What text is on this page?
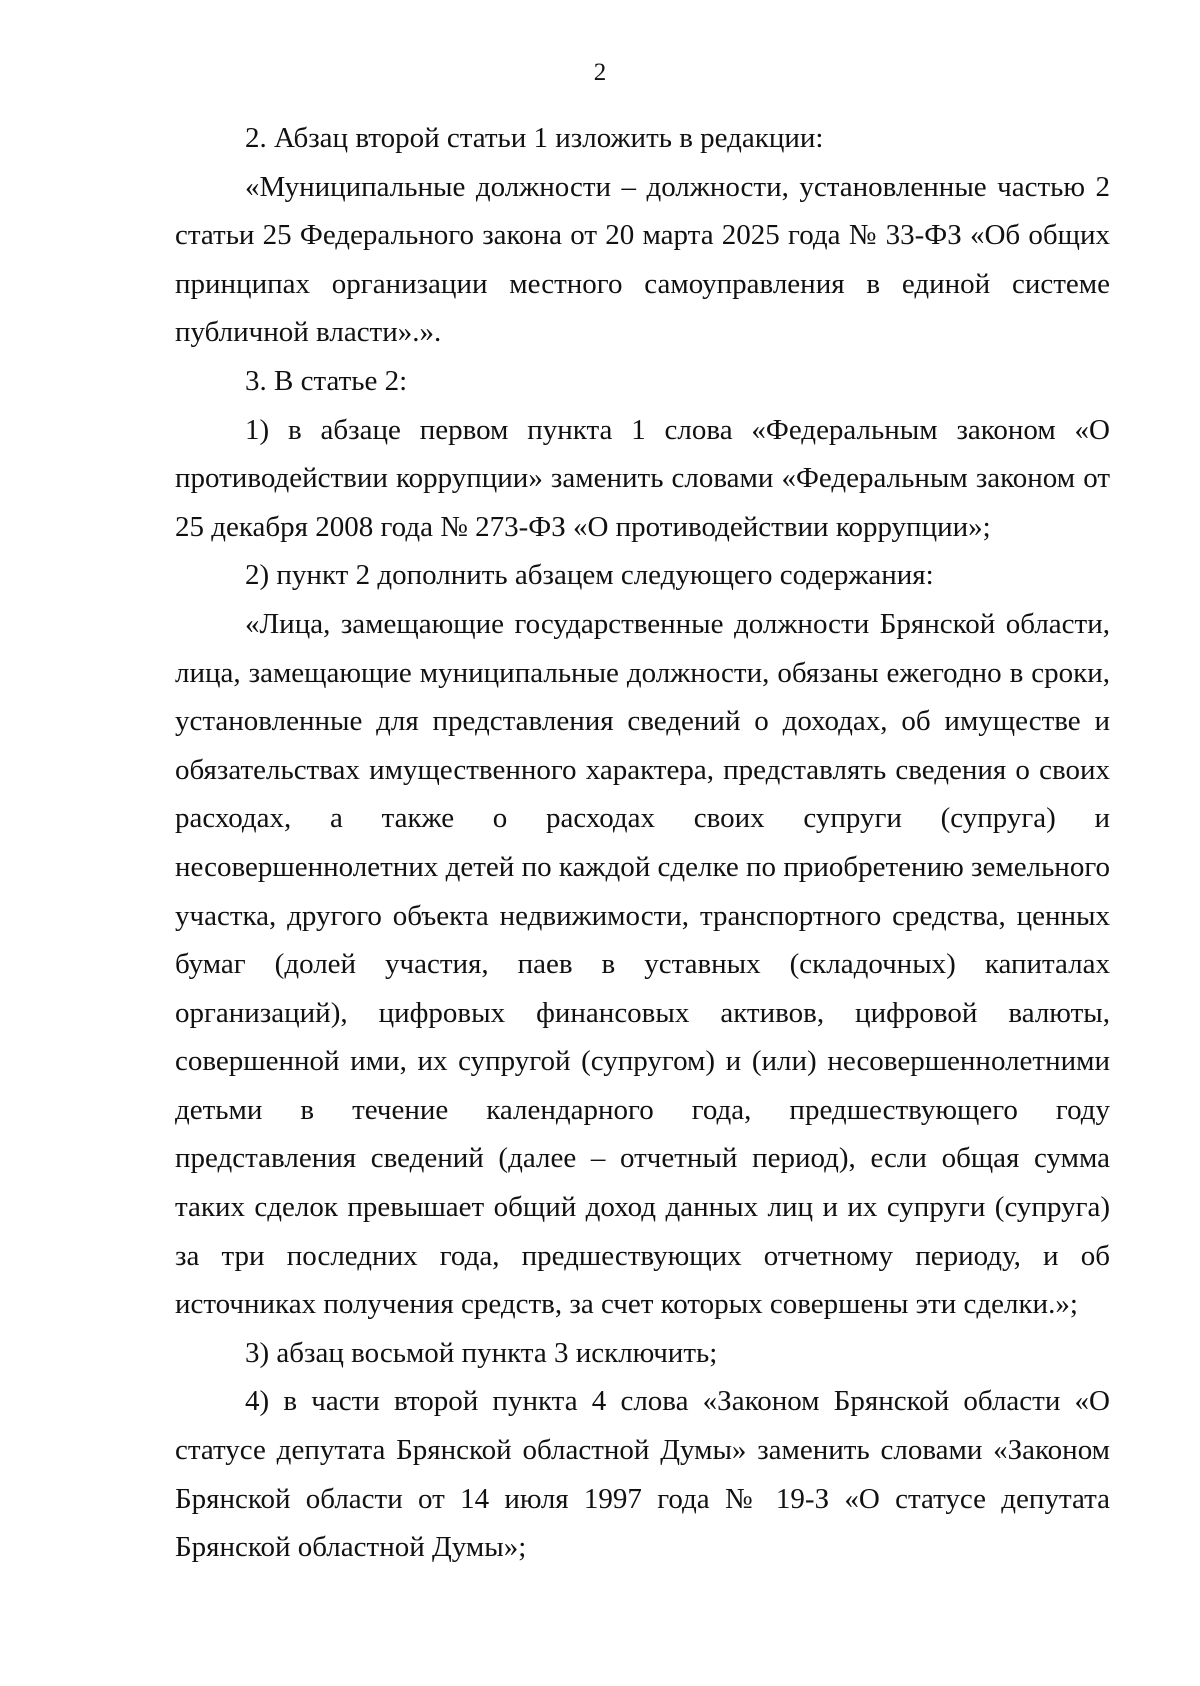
2

2. Абзац второй статьи 1 изложить в редакции:

«Муниципальные должности – должности, установленные частью 2 статьи 25 Федерального закона от 20 марта 2025 года № 33-ФЗ «Об общих принципах организации местного самоуправления в единой системе публичной власти».».

3. В статье 2:

1) в абзаце первом пункта 1 слова «Федеральным законом «О противодействии коррупции» заменить словами «Федеральным законом от 25 декабря 2008 года № 273-ФЗ «О противодействии коррупции»;

2) пункт 2 дополнить абзацем следующего содержания:

«Лица, замещающие государственные должности Брянской области, лица, замещающие муниципальные должности, обязаны ежегодно в сроки, установленные для представления сведений о доходах, об имуществе и обязательствах имущественного характера, представлять сведения о своих расходах, а также о расходах своих супруги (супруга) и несовершеннолетних детей по каждой сделке по приобретению земельного участка, другого объекта недвижимости, транспортного средства, ценных бумаг (долей участия, паев в уставных (складочных) капиталах организаций), цифровых финансовых активов, цифровой валюты, совершенной ими, их супругой (супругом) и (или) несовершеннолетними детьми в течение календарного года, предшествующего году представления сведений (далее – отчетный период), если общая сумма таких сделок превышает общий доход данных лиц и их супруги (супруга) за три последних года, предшествующих отчетному периоду, и об источниках получения средств, за счет которых совершены эти сделки.»;

3) абзац восьмой пункта 3 исключить;

4) в части второй пункта 4 слова «Законом Брянской области «О статусе депутата Брянской областной Думы» заменить словами «Законом Брянской области от 14 июля 1997 года № 19-З «О статусе депутата Брянской областной Думы»;
